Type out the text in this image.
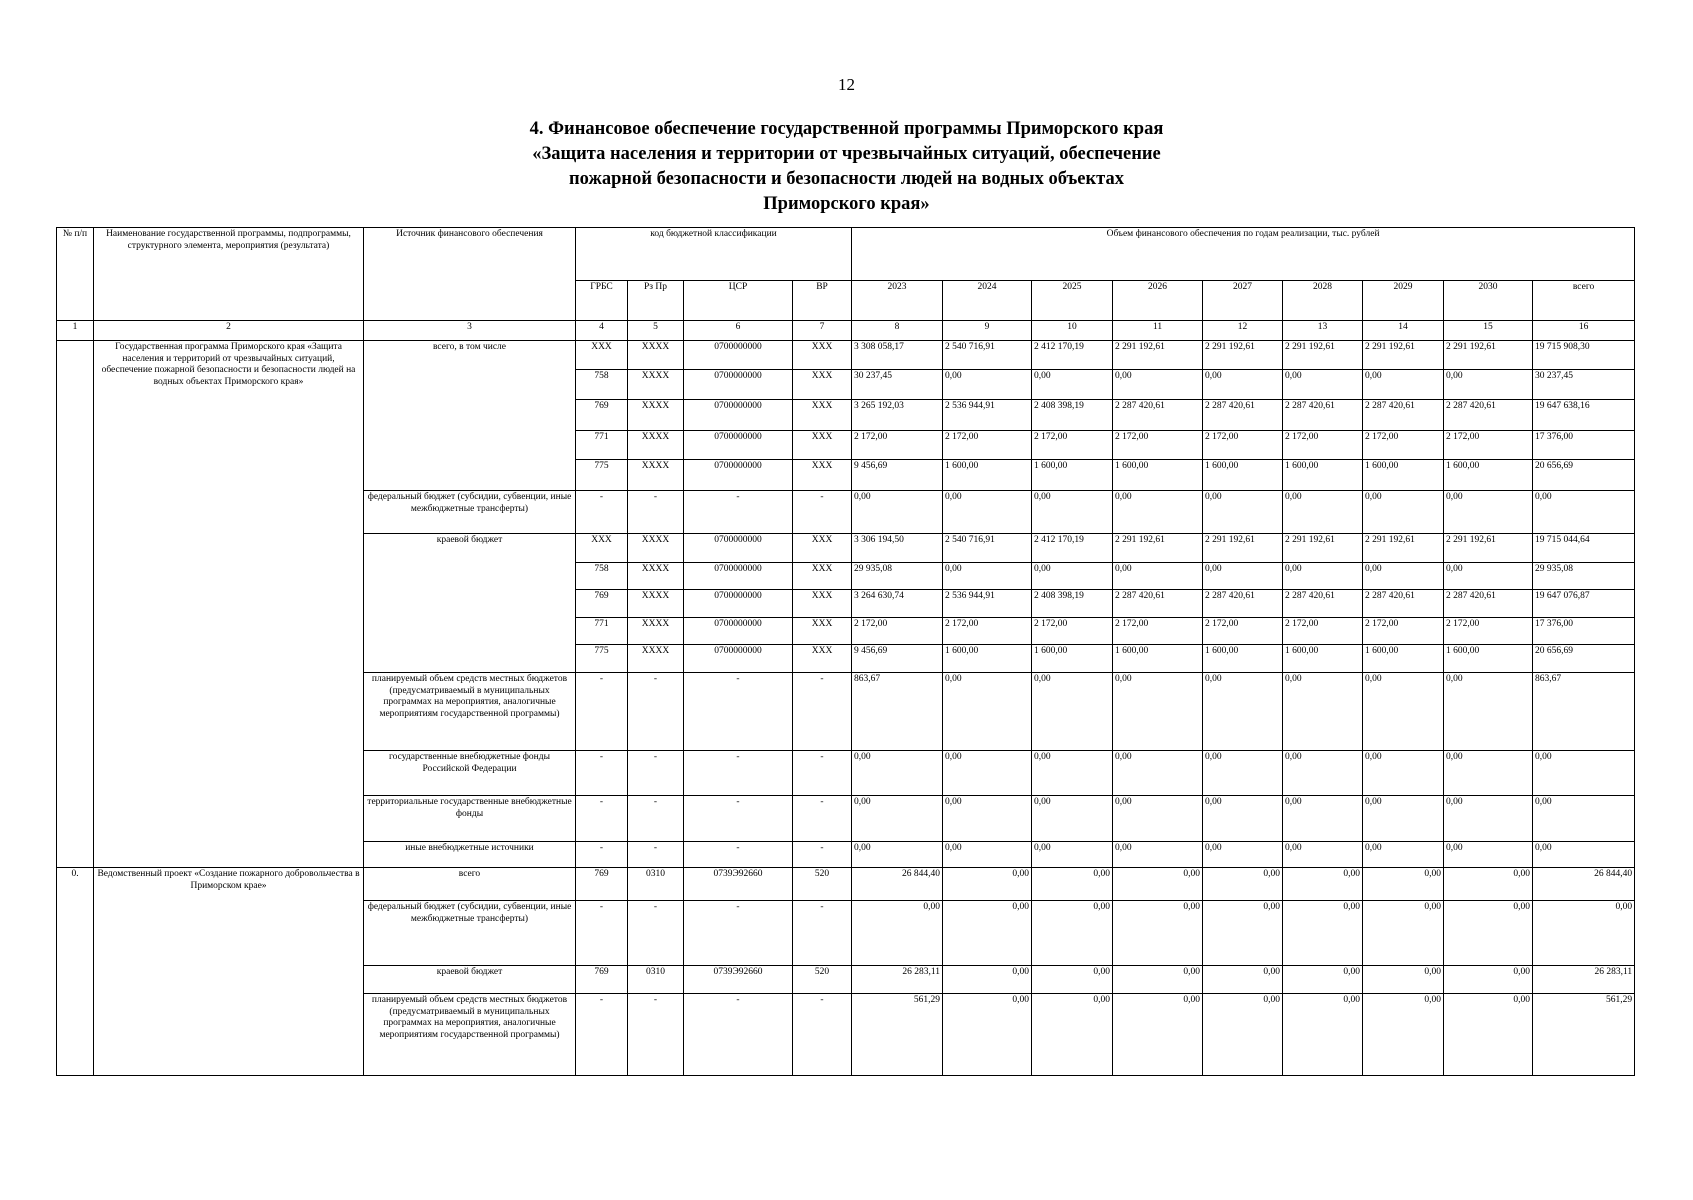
12
4. Финансовое обеспечение государственной программы Приморского края
«Защита населения и территории от чрезвычайных ситуаций, обеспечение
пожарной безопасности и безопасности людей на водных объектах
Приморского края»
№ п/п	Наименование государственной программы, подпрограммы, структурного элемента, мероприятия (результата)	Источник финансового обеспечения	код бюджетной классификации				Объем финансового обеспечения по годам реализации, тыс. рублей								
			ГРБС	Рз Пр	ЦСР	ВР	2023	2024	2025	2026	2027	2028	2029	2030	всего
1	2	3	4	5	6	7	8	9	10	11	12	13	14	15	16
	Государственная программа Приморского края «Защита населения и территорий от чрезвычайных ситуаций, обеспечение пожарной безопасности и безопасности людей на водных объектах Приморского края»	всего, в том числе	XXX	XXXX	0700000000	XXX	3 308 058,17	2 540 716,91	2 412 170,19	2 291 192,61	2 291 192,61	2 291 192,61	2 291 192,61	2 291 192,61	19 715 908,30
			758	XXXX	0700000000	XXX	30 237,45	0,00	0,00	0,00	0,00	0,00	0,00	0,00	30 237,45
			769	XXXX	0700000000	XXX	3 265 192,03	2 536 944,91	2 408 398,19	2 287 420,61	2 287 420,61	2 287 420,61	2 287 420,61	2 287 420,61	19 647 638,16
			771	XXXX	0700000000	XXX	2 172,00	2 172,00	2 172,00	2 172,00	2 172,00	2 172,00	2 172,00	2 172,00	17 376,00
			775	XXXX	0700000000	XXX	9 456,69	1 600,00	1 600,00	1 600,00	1 600,00	1 600,00	1 600,00	1 600,00	20 656,69
		федеральный бюджет (субсидии, субвенции, иные межбюджетные трансферты)	-	-	-	-	0,00	0,00	0,00	0,00	0,00	0,00	0,00	0,00	0,00
		краевой бюджет	XXX	XXXX	0700000000	XXX	3 306 194,50	2 540 716,91	2 412 170,19	2 291 192,61	2 291 192,61	2 291 192,61	2 291 192,61	2 291 192,61	19 715 044,64
			758	XXXX	0700000000	XXX	29 935,08	0,00	0,00	0,00	0,00	0,00	0,00	0,00	29 935,08
			769	XXXX	0700000000	XXX	3 264 630,74	2 536 944,91	2 408 398,19	2 287 420,61	2 287 420,61	2 287 420,61	2 287 420,61	2 287 420,61	19 647 076,87
			771	XXXX	0700000000	XXX	2 172,00	2 172,00	2 172,00	2 172,00	2 172,00	2 172,00	2 172,00	2 172,00	17 376,00
			775	XXXX	0700000000	XXX	9 456,69	1 600,00	1 600,00	1 600,00	1 600,00	1 600,00	1 600,00	1 600,00	20 656,69
		планируемый объем средств местных бюджетов (предусматриваемый в муниципальных программах на мероприятия, аналогичные мероприятиям государственной программы)	-	-	-	-	863,67	0,00	0,00	0,00	0,00	0,00	0,00	0,00	863,67
		государственные внебюджетные фонды Российской Федерации	-	-	-	-	0,00	0,00	0,00	0,00	0,00	0,00	0,00	0,00	0,00
		территориальные государственные внебюджетные фонды	-	-	-	-	0,00	0,00	0,00	0,00	0,00	0,00	0,00	0,00	0,00
		иные внебюджетные источники	-	-	-	-	0,00	0,00	0,00	0,00	0,00	0,00	0,00	0,00	0,00
0.	Ведомственный проект «Создание пожарного добровольчества в Приморском крае»	всего	769	0310	0739Э92660	520	26 844,40	0,00	0,00	0,00	0,00	0,00	0,00	0,00	26 844,40
		федеральный бюджет (субсидии, субвенции, иные межбюджетные трансферты)	-	-	-	-	0,00	0,00	0,00	0,00	0,00	0,00	0,00	0,00	0,00
		краевой бюджет	769	0310	0739Э92660	520	26 283,11	0,00	0,00	0,00	0,00	0,00	0,00	0,00	26 283,11
		планируемый объем средств местных бюджетов (предусматриваемый в муниципальных программах на мероприятия, аналогичные мероприятиям государственной программы)	-	-	-	-	561,29	0,00	0,00	0,00	0,00	0,00	0,00	0,00	561,29
